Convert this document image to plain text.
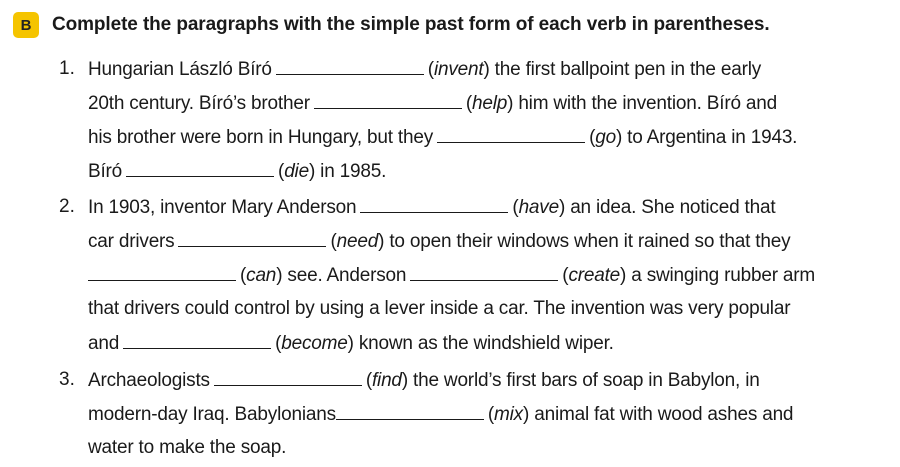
B	Complete the paragraphs with the simple past form of each verb in parentheses.
1. Hungarian László Bíró	(invent) the first ballpoint pen in the early
20th century. Bíró’s brother	(help) him with the invention. Bíró and
his brother were born in Hungary, but they	(go) to Argentina in 1943.
Bíró	(die) in 1985.
2. In 1903, inventor Mary Anderson	(have) an idea. She noticed that
car drivers	(need) to open their windows when it rained so that they
(can) see. Anderson	(create) a swinging rubber arm
that drivers could control by using a lever inside a car. The invention was very popular
and	(become) known as the windshield wiper.
3. Archaeologists	(find) the world’s first bars of soap in Babylon, in
modern-day Iraq. Babylonians	(mix) animal fat with wood ashes and
water to make the soap.
